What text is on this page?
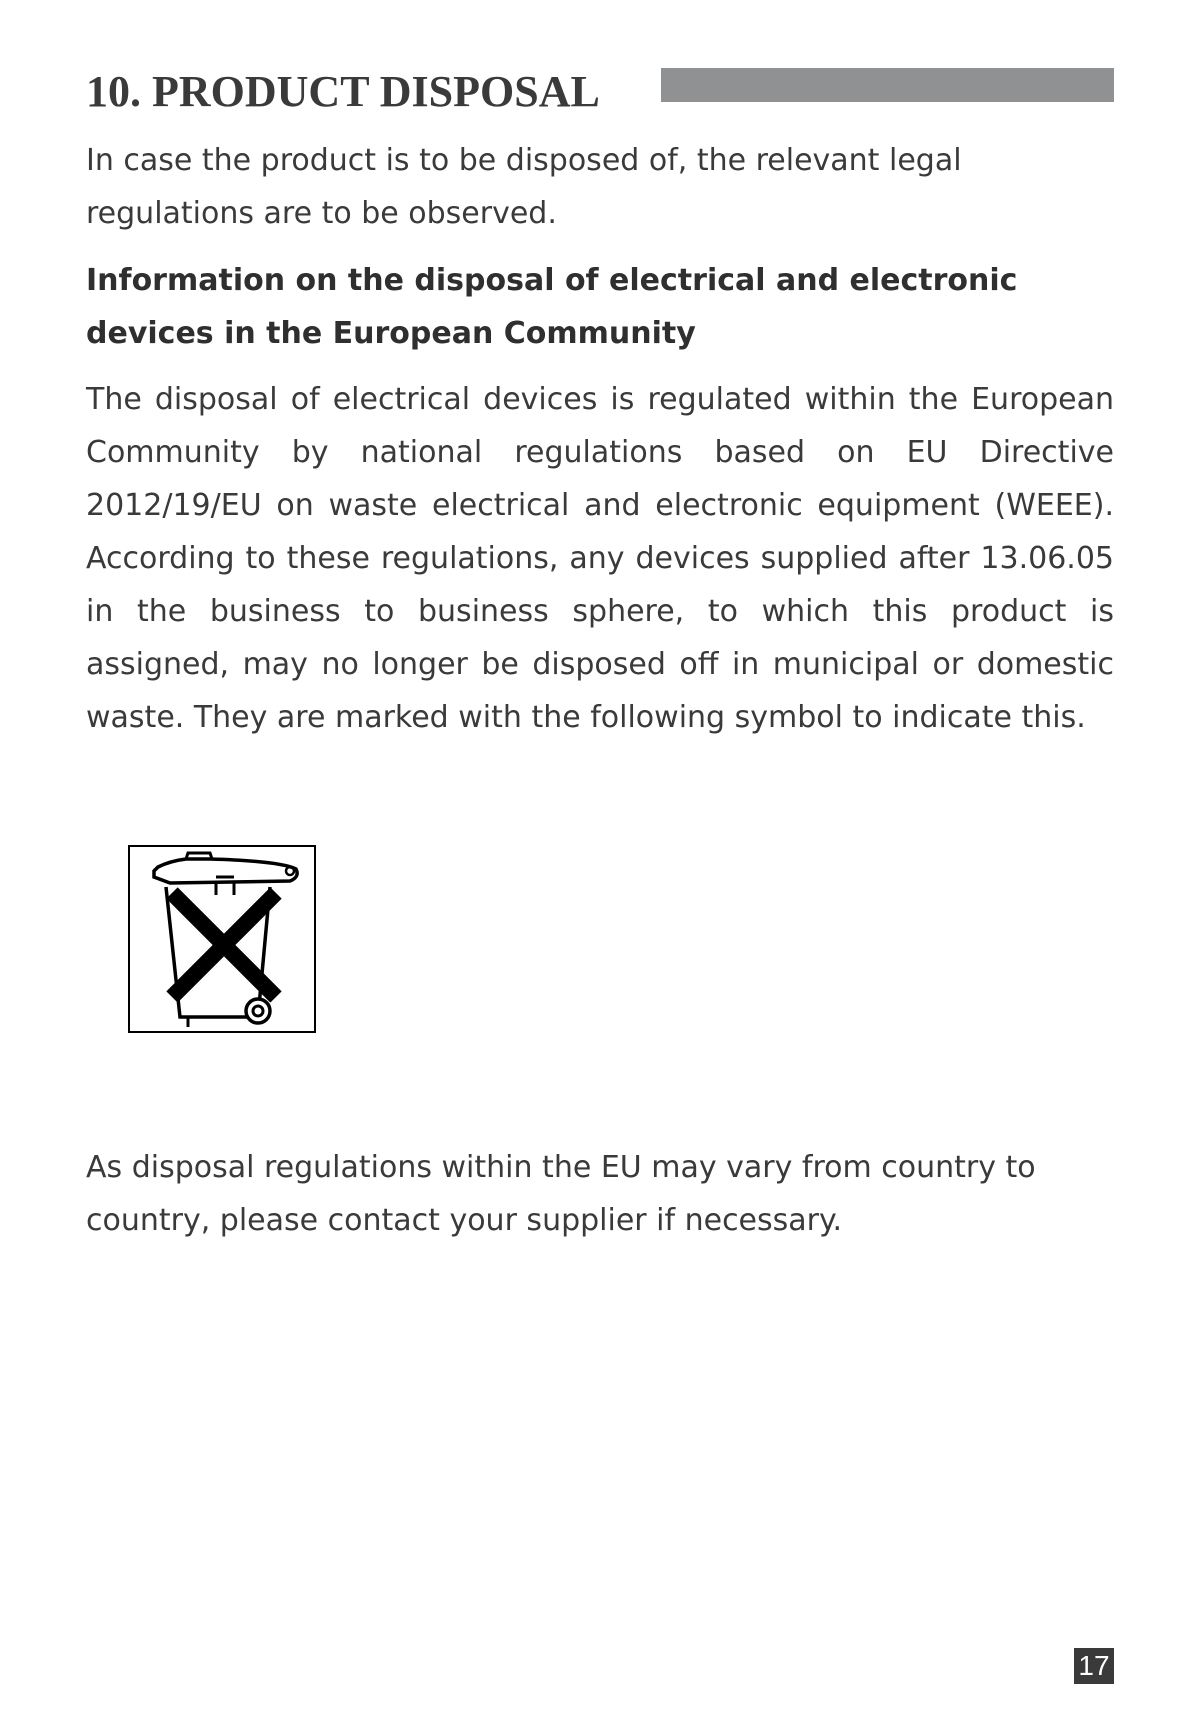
10. PRODUCT DISPOSAL

In case the product is to be disposed of, the relevant legal regulations are to be observed.

Information on the disposal of electrical and electronic devices in the European Community

The disposal of electrical devices is regulated within the European Community by national regulations based on EU Directive 2012/19/EU on waste electrical and electronic equipment (WEEE). According to these regulations, any devices supplied after 13.06.05 in the business to business sphere, to which this product is assigned, may no longer be disposed off in municipal or domestic waste. They are marked with the following symbol to indicate this.

As disposal regulations within the EU may vary from country to country, please contact your supplier if necessary.

17
